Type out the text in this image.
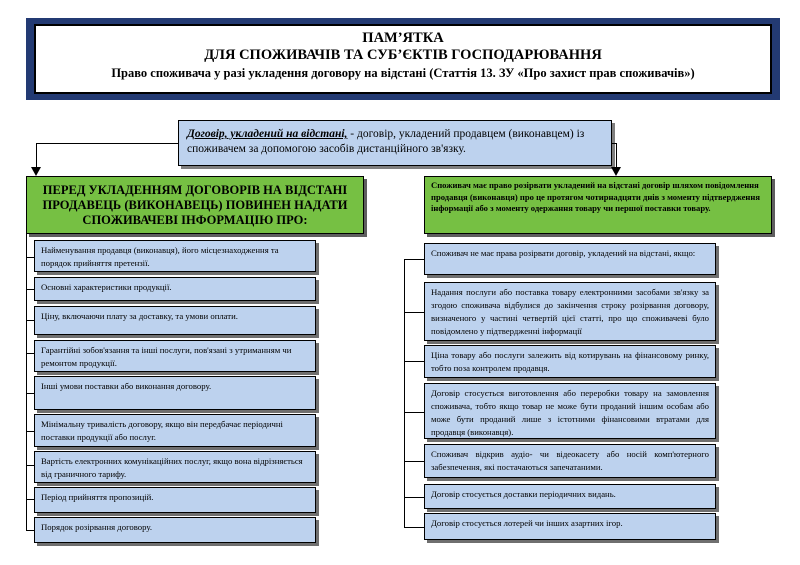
ПАМ’ЯТКА
ДЛЯ СПОЖИВАЧІВ ТА СУБ’ЄКТІВ ГОСПОДАРЮВАННЯ
Право споживача у разі укладення договору на відстані (Статтія 13. ЗУ «Про захист прав споживачів»)
Договір, укладений на відстані, - договір, укладений продавцем (виконавцем) із споживачем за допомогою засобів дистанційного зв'язку.
ПЕРЕД УКЛАДЕННЯМ ДОГОВОРІВ НА ВІДСТАНІ ПРОДАВЕЦЬ (ВИКОНАВЕЦЬ) ПОВИНЕН НАДАТИ СПОЖИВАЧЕВІ ІНФОРМАЦІЮ ПРО:
Найменування продавця (виконавця), його місцезнаходження та порядок прийняття претензії.
Основні характеристики продукції.
Ціну, включаючи плату за доставку, та умови оплати.
Гарантійні зобов'язання та інші послуги, пов'язані з утриманням чи ремонтом продукції.
Інші умови поставки або виконання договору.
Мінімальну тривалість договору, якщо він передбачає періодичні поставки продукції або послуг.
Вартість електронних комунікаційних послуг, якщо вона відрізняється від граничного тарифу.
Період прийняття пропозицій.
Порядок розірвання договору.
Споживач має право розірвати укладений на відстані договір шляхом повідомлення продавця (виконавця) про це протягом чотирнадцяти днів з моменту підтвердження інформації або з моменту одержання товару чи першої поставки товару.
Споживач не має права розірвати договір, укладений на відстані, якщо:
Надання послуги або поставка товару електронними засобами зв'язку за згодою споживача відбулися до закінчення строку розірвання договору, визначеного у частині четвертій цієї статті, про що споживачеві було повідомлено у підтвердженні інформації
Ціна товару або послуги залежить від котирувань на фінансовому ринку, тобто поза контролем продавця.
Договір стосується виготовлення або переробки товару на замовлення споживача, тобто якщо товар не може бути проданий іншим особам або може бути проданий лише з істотними фінансовими втратами для продавця (виконавця).
Споживач відкрив аудіо- чи відеокасету або носій комп'ютерного забезпечення, які постачаються запечатаними.
Договір стосується доставки періодичних видань.
Договір стосується лотерей чи інших азартних ігор.
